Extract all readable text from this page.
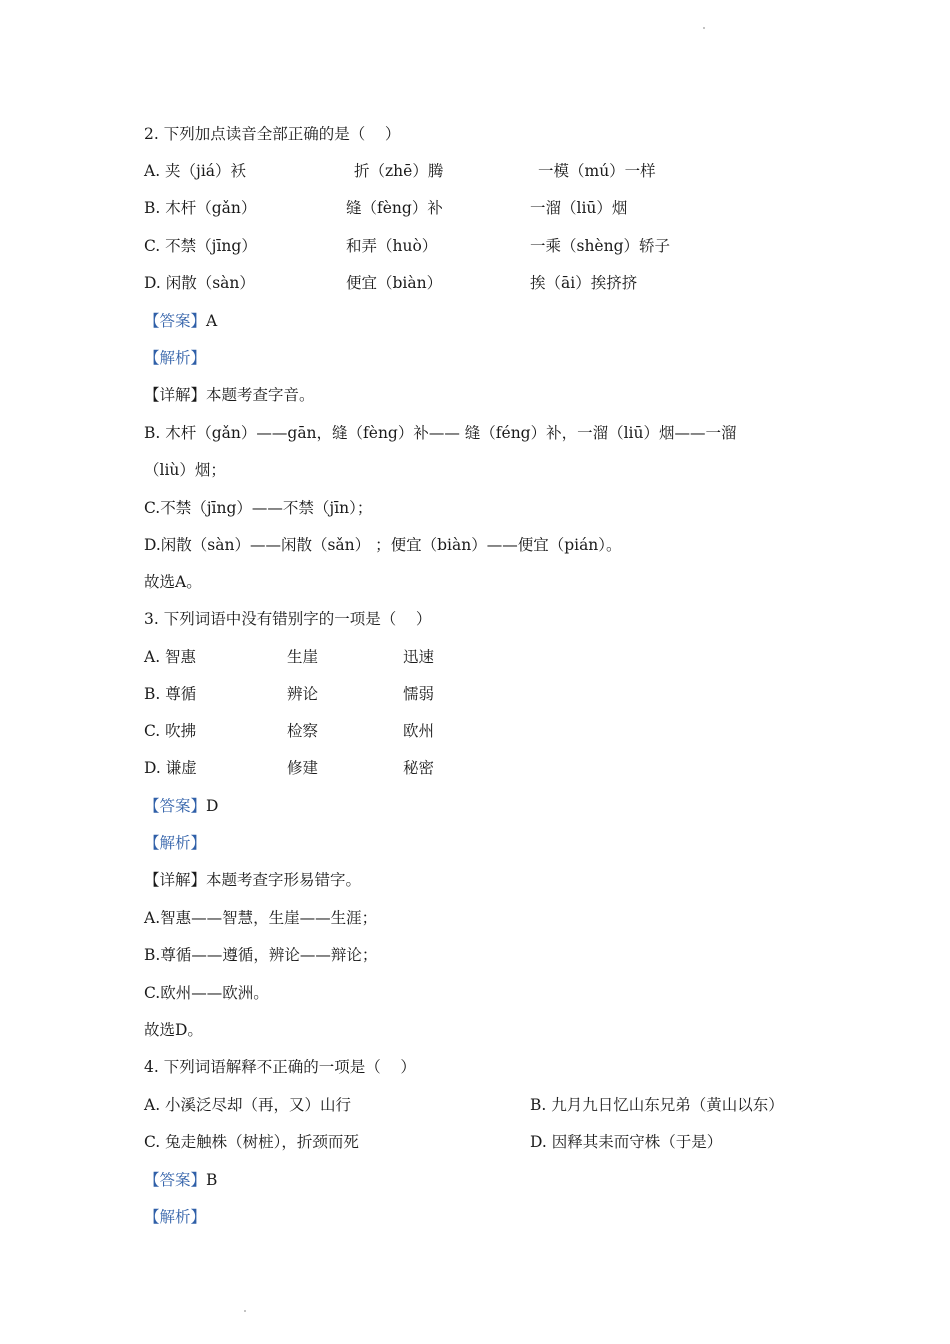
2. 下列加点读音全部正确的是（    ）
A. 夹（jiá）袄	折（zhē）腾	一模（mú）一样
B. 木杆（gǎn）	缝（fèng）补	一溜（liū）烟
C. 不禁（jīng）	和弄（huò）	一乘（shèng）轿子
D. 闲散（sàn）	便宜（biàn）	挨（āi）挨挤挤
【答案】A
【解析】
【详解】本题考查字音。
B. 木杆（gǎn）——gān，缝（fèng）补—— 缝（féng）补，一溜（liū）烟——一溜
（liù）烟；
C.不禁（jīng）——不禁（jīn）；
D.闲散（sàn）——闲散（sǎn） ；便宜（biàn）——便宜（pián）。
故选A。
3. 下列词语中没有错别字的一项是（    ）
A. 智惠	生崖	迅速
B. 尊循	辨论	懦弱
C. 吹拂	检察	欧州
D. 谦虚	修建	秘密
【答案】D
【解析】
【详解】本题考查字形易错字。
A.智惠——智慧，生崖——生涯；
B.尊循——遵循，辨论——辩论；
C.欧州——欧洲。
故选D。
4. 下列词语解释不正确的一项是（    ）
A. 小溪泛尽却（再，又）山行	B. 九月九日忆山东兄弟（黄山以东）
C. 兔走触株（树桩），折颈而死	D. 因释其耒而守株（于是）
【答案】B
【解析】
